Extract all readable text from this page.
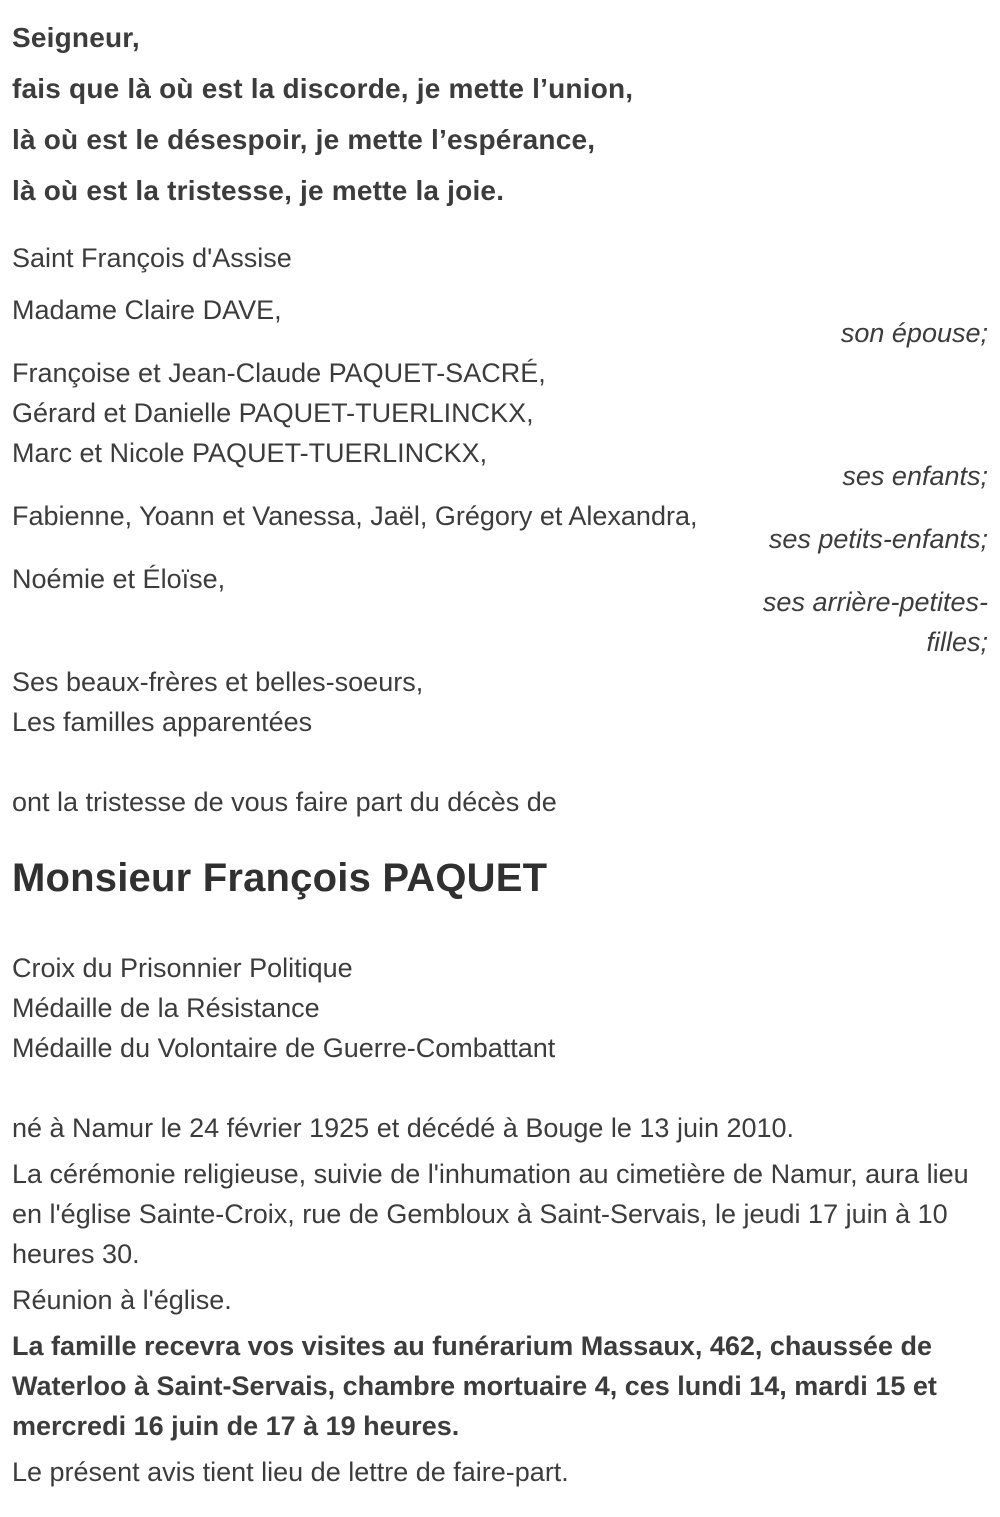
Seigneur,

fais que là où est la discorde, je mette l’union,

là où est le désespoir, je mette l’espérance,

là où est la tristesse, je mette la joie.

Saint François d'Assise

Madame Claire DAVE,

son épouse;

Françoise et Jean-Claude PAQUET-SACRÉ,

Gérard et Danielle PAQUET-TUERLINCKX,

Marc et Nicole PAQUET-TUERLINCKX,

ses enfants;

Fabienne, Yoann et Vanessa, Jaël, Grégory et Alexandra,

ses petits-enfants;

Noémie et Éloïse,

ses arrière-petites-filles;

Ses beaux-frères et belles-soeurs,

Les familles apparentées

ont la tristesse de vous faire part du décès de

Monsieur François PAQUET

Croix du Prisonnier Politique

Médaille de la Résistance

Médaille du Volontaire de Guerre-Combattant

né à Namur le 24 février 1925 et décédé à Bouge le 13 juin 2010.

La cérémonie religieuse, suivie de l'inhumation au cimetière de Namur, aura lieu en l'église Sainte-Croix, rue de Gembloux à Saint-Servais, le jeudi 17 juin à 10 heures 30.

Réunion à l'église.

La famille recevra vos visites au funérarium Massaux, 462, chaussée de Waterloo à Saint-Servais, chambre mortuaire 4, ces lundi 14, mardi 15 et mercredi 16 juin de 17 à 19 heures.

Le présent avis tient lieu de lettre de faire-part.
